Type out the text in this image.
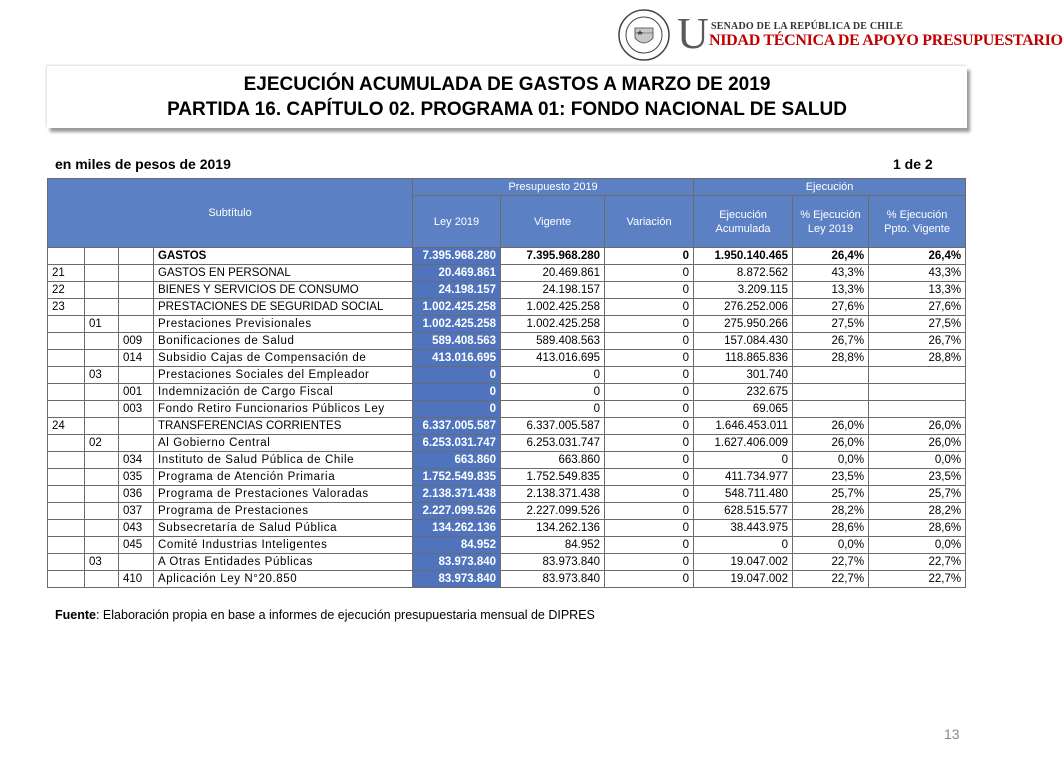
U SENADO DE LA REPÚBLICA DE CHILE
NIDAD TÉCNICA DE APOYO PRESUPUESTARIO
EJECUCIÓN ACUMULADA DE GASTOS A MARZO DE 2019
PARTIDA 16. CAPÍTULO 02. PROGRAMA 01: FONDO NACIONAL DE SALUD
en miles de pesos de 2019	1 de 2
Subtítulo				Presupuesto 2019			Ejecución		
				Ley 2019	Vigente	Variación	Ejecución Acumulada	% Ejecución Ley 2019	% Ejecución Ppto. Vigente
			GASTOS	7.395.968.280	7.395.968.280	0	1.950.140.465	26,4%	26,4%
21			GASTOS EN PERSONAL	20.469.861	20.469.861	0	8.872.562	43,3%	43,3%
22			BIENES Y SERVICIOS DE CONSUMO	24.198.157	24.198.157	0	3.209.115	13,3%	13,3%
23			PRESTACIONES DE SEGURIDAD SOCIAL	1.002.425.258	1.002.425.258	0	276.252.006	27,6%	27,6%
	01		Prestaciones Previsionales	1.002.425.258	1.002.425.258	0	275.950.266	27,5%	27,5%
		009	Bonificaciones de Salud	589.408.563	589.408.563	0	157.084.430	26,7%	26,7%
		014	Subsidio Cajas de Compensación de	413.016.695	413.016.695	0	118.865.836	28,8%	28,8%
	03		Prestaciones Sociales del Empleador	0	0	0	301.740		
		001	Indemnización de Cargo Fiscal	0	0	0	232.675		
		003	Fondo Retiro Funcionarios Públicos Ley	0	0	0	69.065		
24			TRANSFERENCIAS CORRIENTES	6.337.005.587	6.337.005.587	0	1.646.453.011	26,0%	26,0%
	02		Al Gobierno Central	6.253.031.747	6.253.031.747	0	1.627.406.009	26,0%	26,0%
		034	Instituto de Salud Pública de Chile	663.860	663.860	0	0	0,0%	0,0%
		035	Programa de Atención Primaria	1.752.549.835	1.752.549.835	0	411.734.977	23,5%	23,5%
		036	Programa de Prestaciones Valoradas	2.138.371.438	2.138.371.438	0	548.711.480	25,7%	25,7%
		037	Programa de Prestaciones	2.227.099.526	2.227.099.526	0	628.515.577	28,2%	28,2%
		043	Subsecretaría de Salud Pública	134.262.136	134.262.136	0	38.443.975	28,6%	28,6%
		045	Comité Industrias Inteligentes	84.952	84.952	0	0	0,0%	0,0%
	03		A Otras Entidades Públicas	83.973.840	83.973.840	0	19.047.002	22,7%	22,7%
		410	Aplicación Ley N°20.850	83.973.840	83.973.840	0	19.047.002	22,7%	22,7%
Fuente: Elaboración propia en base a informes de ejecución presupuestaria mensual de DIPRES
13
